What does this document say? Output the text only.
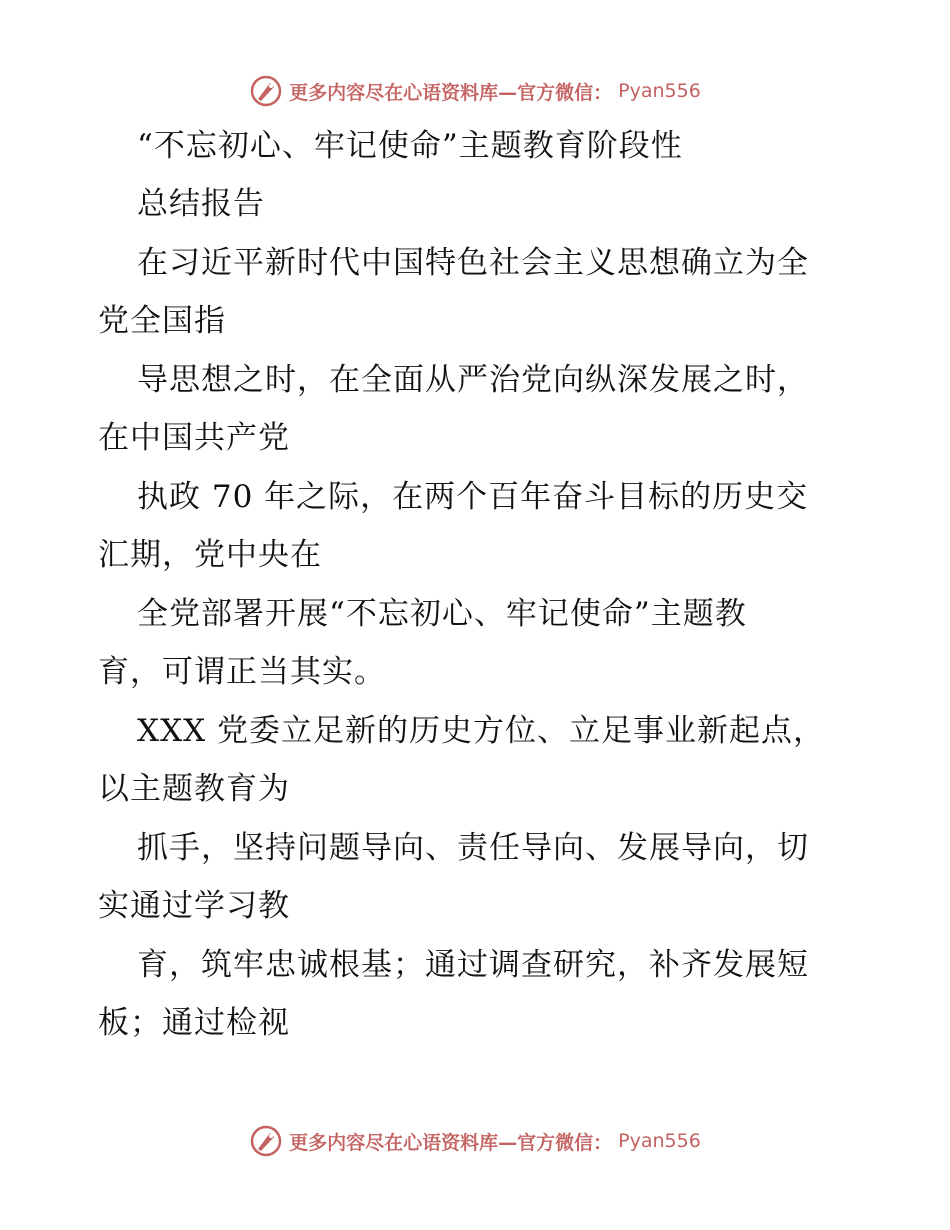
更多内容尽在心语资料库—官方微信： Pyan556
“不忘初心、牢记使命”主题教育阶段性
总结报告
在习近平新时代中国特色社会主义思想确立为全
党全国指
导思想之时，在全面从严治党向纵深发展之时，
在中国共产党
执政 70 年之际，在两个百年奋斗目标的历史交
汇期，党中央在
全党部署开展“不忘初心、牢记使命”主题教
育，可谓正当其实。
XXX 党委立足新的历史方位、立足事业新起点，
以主题教育为
抓手，坚持问题导向、责任导向、发展导向，切
实通过学习教
育，筑牢忠诚根基；通过调查研究，补齐发展短
板；通过检视
更多内容尽在心语资料库—官方微信： Pyan556
